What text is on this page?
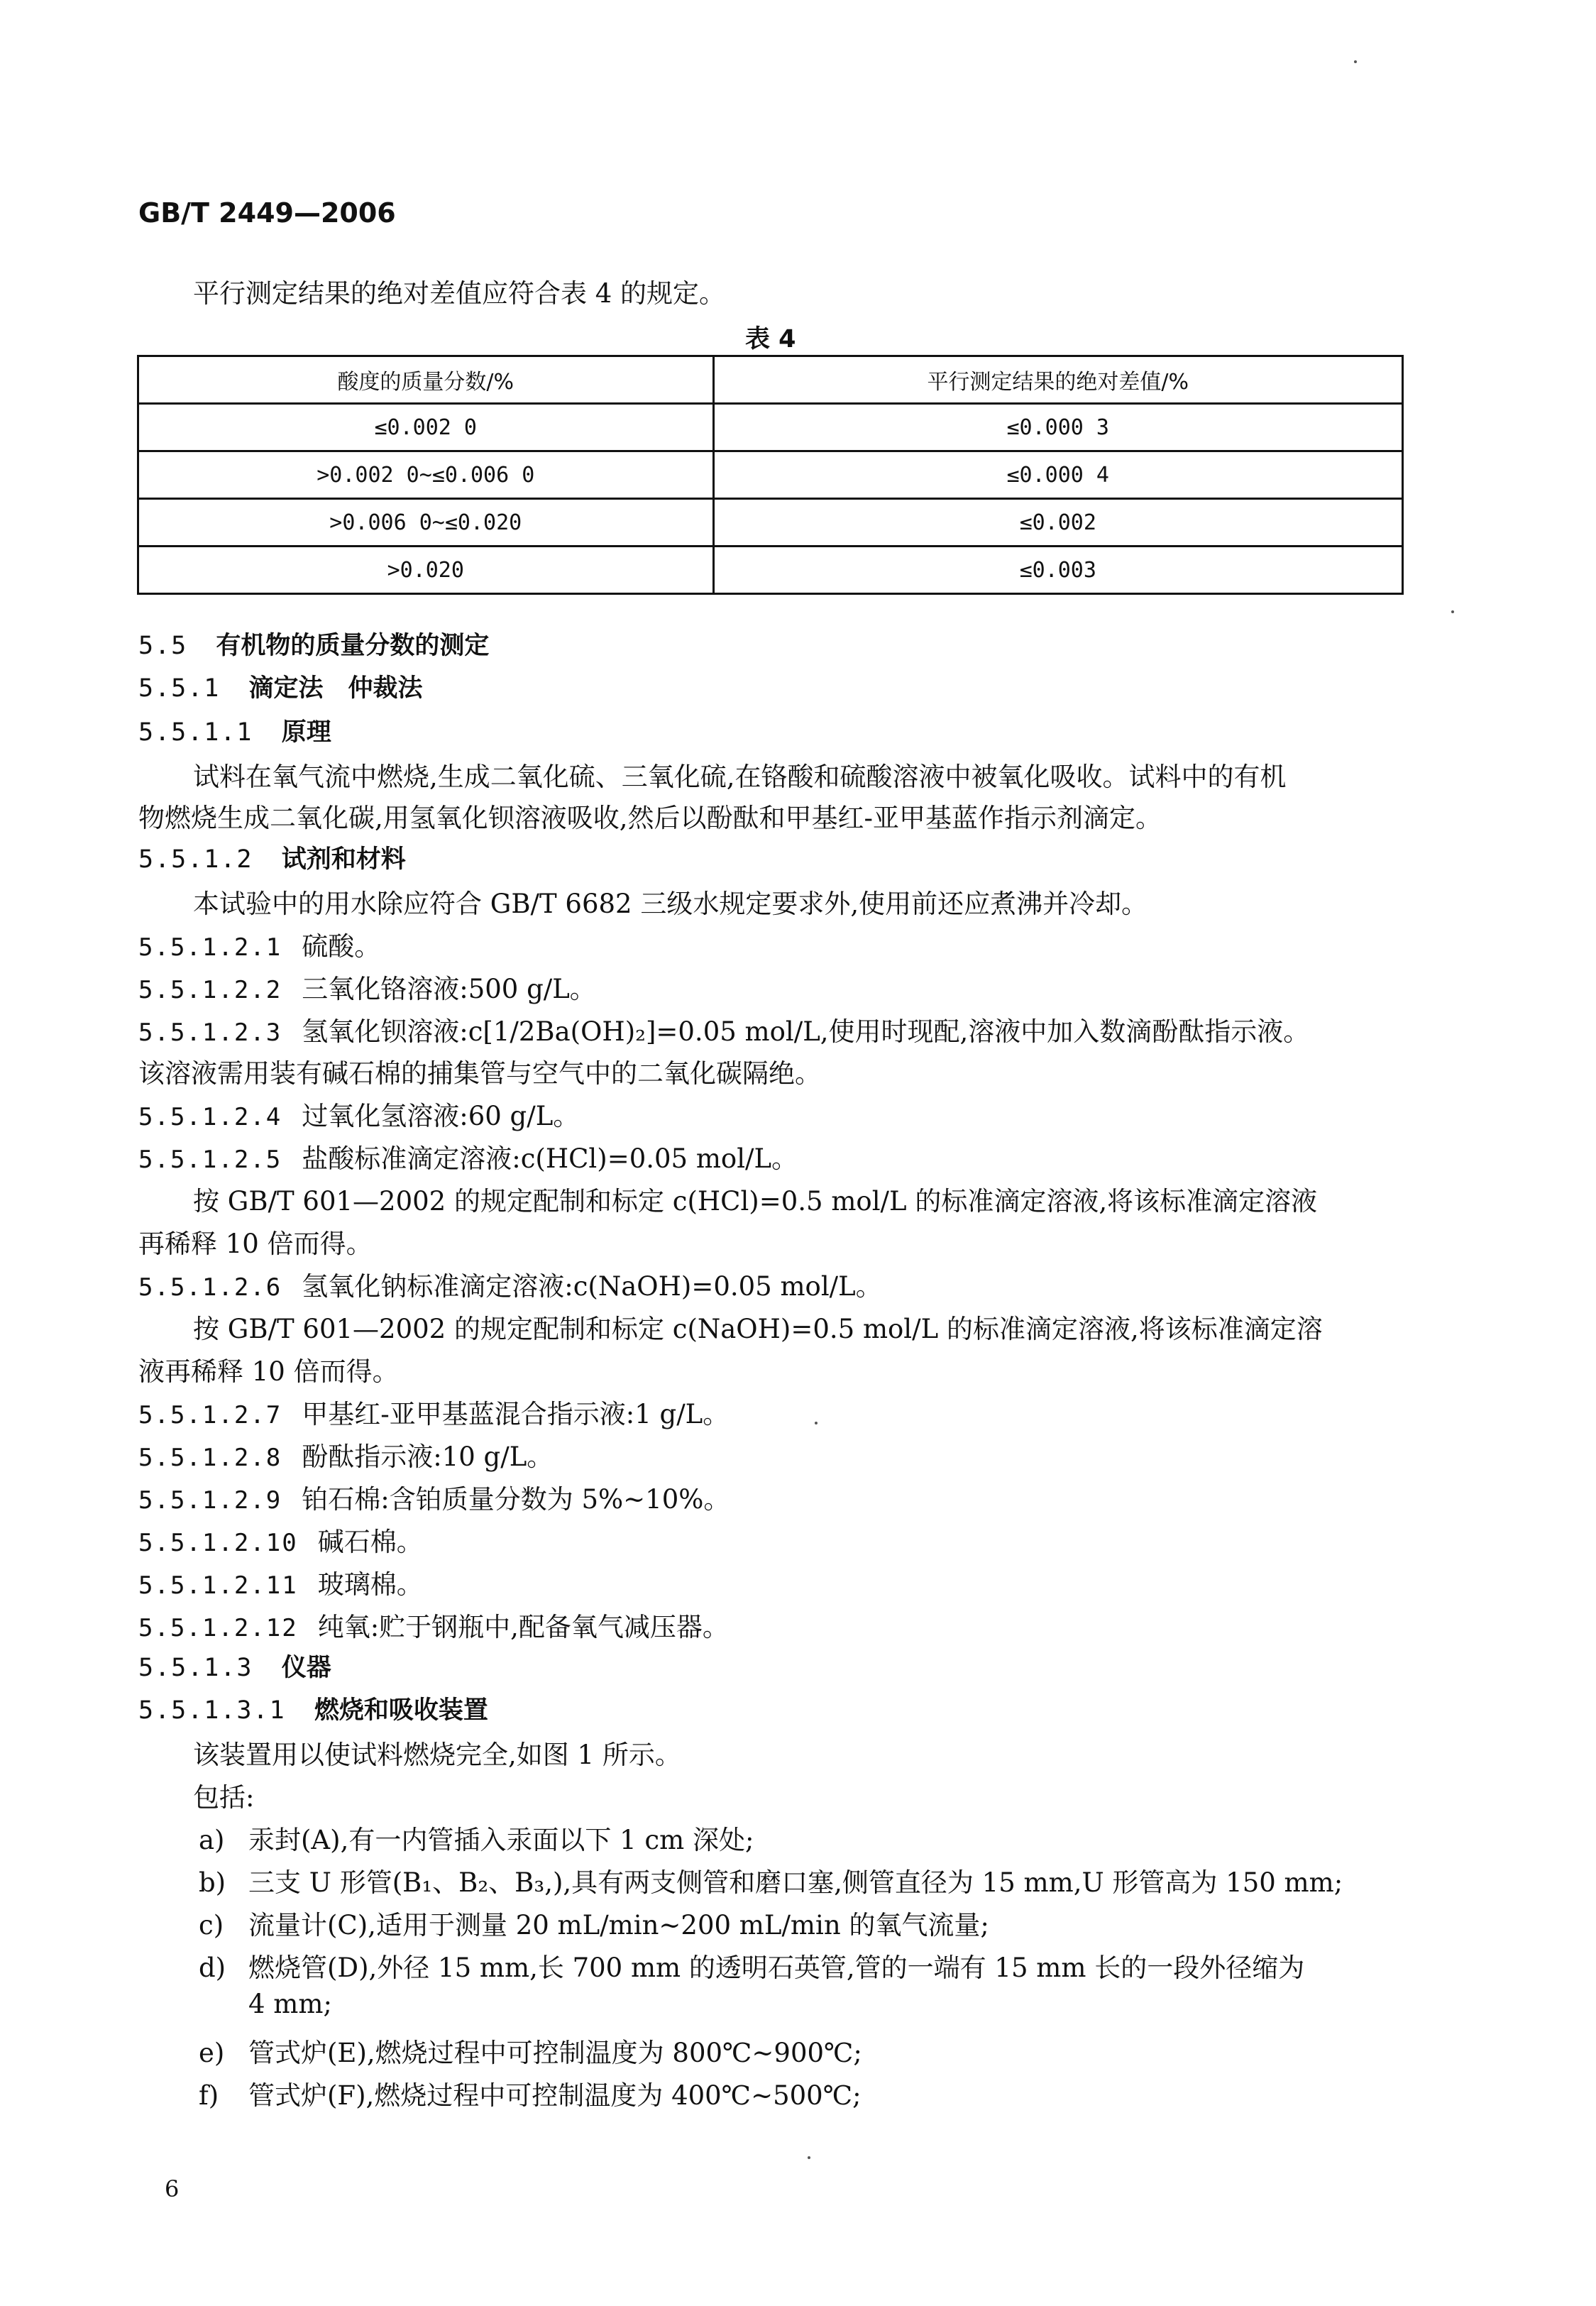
GB/T 2449—2006
平行测定结果的绝对差值应符合表 4 的规定。
表 4
酸度的质量分数/%	平行测定结果的绝对差值/%
≤0.002 0	≤0.000 3
>0.002 0~≤0.006 0	≤0.000 4
>0.006 0~≤0.020	≤0.002
>0.020	≤0.003
5.5 有机物的质量分数的测定
5.5.1 滴定法　仲裁法
5.5.1.1 原理
试料在氧气流中燃烧,生成二氧化硫、三氧化硫,在铬酸和硫酸溶液中被氧化吸收。试料中的有机
物燃烧生成二氧化碳,用氢氧化钡溶液吸收,然后以酚酞和甲基红-亚甲基蓝作指示剂滴定。
5.5.1.2 试剂和材料
本试验中的用水除应符合 GB/T 6682 三级水规定要求外,使用前还应煮沸并冷却。
5.5.1.2.1 硫酸。
5.5.1.2.2 三氧化铬溶液:500 g/L。
5.5.1.2.3 氢氧化钡溶液:c[1/2Ba(OH)₂]=0.05 mol/L,使用时现配,溶液中加入数滴酚酞指示液。
该溶液需用装有碱石棉的捕集管与空气中的二氧化碳隔绝。
5.5.1.2.4 过氧化氢溶液:60 g/L。
5.5.1.2.5 盐酸标准滴定溶液:c(HCl)=0.05 mol/L。
按 GB/T 601—2002 的规定配制和标定 c(HCl)=0.5 mol/L 的标准滴定溶液,将该标准滴定溶液
再稀释 10 倍而得。
5.5.1.2.6 氢氧化钠标准滴定溶液:c(NaOH)=0.05 mol/L。
按 GB/T 601—2002 的规定配制和标定 c(NaOH)=0.5 mol/L 的标准滴定溶液,将该标准滴定溶
液再稀释 10 倍而得。
5.5.1.2.7 甲基红-亚甲基蓝混合指示液:1 g/L。
5.5.1.2.8 酚酞指示液:10 g/L。
5.5.1.2.9 铂石棉:含铂质量分数为 5%~10%。
5.5.1.2.10 碱石棉。
5.5.1.2.11 玻璃棉。
5.5.1.2.12 纯氧:贮于钢瓶中,配备氧气减压器。
5.5.1.3 仪器
5.5.1.3.1 燃烧和吸收装置
该装置用以使试料燃烧完全,如图 1 所示。
包括:
a) 汞封(A),有一内管插入汞面以下 1 cm 深处;
b) 三支 U 形管(B₁、B₂、B₃,),具有两支侧管和磨口塞,侧管直径为 15 mm,U 形管高为 150 mm;
c) 流量计(C),适用于测量 20 mL/min~200 mL/min 的氧气流量;
d) 燃烧管(D),外径 15 mm,长 700 mm 的透明石英管,管的一端有 15 mm 长的一段外径缩为
4 mm;
e) 管式炉(E),燃烧过程中可控制温度为 800℃~900℃;
f) 管式炉(F),燃烧过程中可控制温度为 400℃~500℃;
6
